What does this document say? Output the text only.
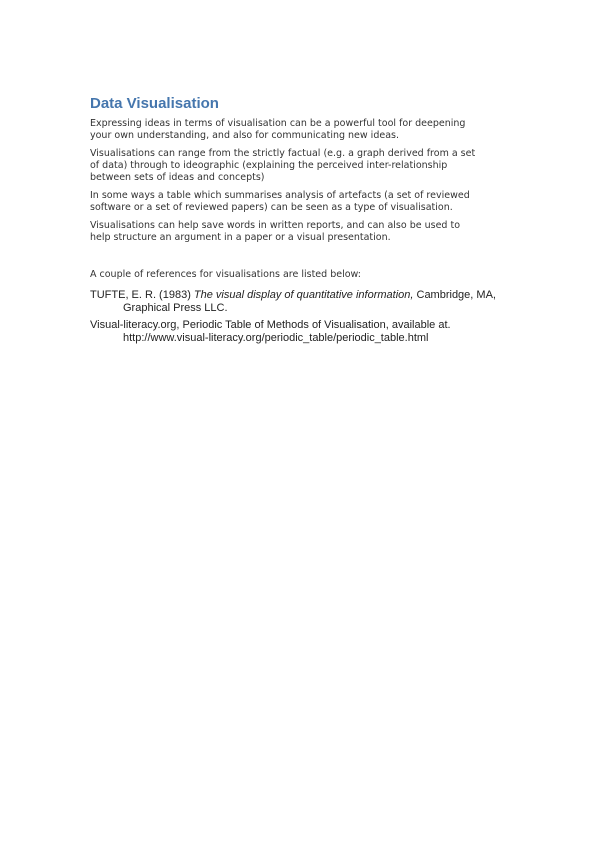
Data Visualisation

Expressing ideas in terms of visualisation can be a powerful tool for deepening
your own understanding, and also for communicating new ideas.

Visualisations can range from the strictly factual (e.g. a graph derived from a set
of data) through to ideographic (explaining the perceived inter-relationship
between sets of ideas and concepts)

In some ways a table which summarises analysis of artefacts (a set of reviewed
software or a set of reviewed papers) can be seen as a type of visualisation.

Visualisations can help save words in written reports, and can also be used to
help structure an argument in a paper or a visual presentation.

A couple of references for visualisations are listed below:

TUFTE, E. R. (1983) The visual display of quantitative information, Cambridge, MA,
Graphical Press LLC.
Visual-literacy.org, Periodic Table of Methods of Visualisation, available at.
http://www.visual-literacy.org/periodic_table/periodic_table.html
